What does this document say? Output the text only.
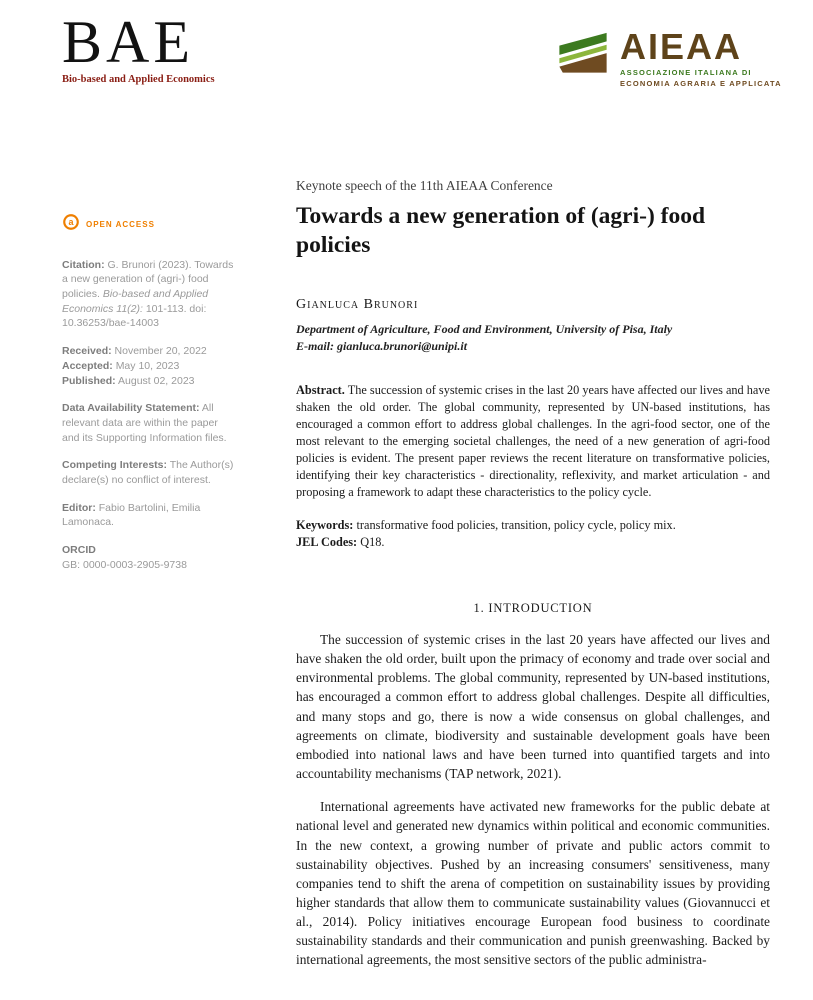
BAE
Bio-based and Applied Economics
AIEAA
ASSOCIAZIONE ITALIANA DI
ECONOMIA AGRARIA E APPLICATA
a OPEN ACCESS

Citation: G. Brunori (2023). Towards a new generation of (agri-) food policies. Bio-based and Applied Economics 11(2): 101-113. doi: 10.36253/bae-14003

Received: November 20, 2022
Accepted: May 10, 2023
Published: August 02, 2023

Data Availability Statement: All relevant data are within the paper and its Supporting Information files.

Competing Interests: The Author(s) declare(s) no conflict of interest.

Editor: Fabio Bartolini, Emilia Lamonaca.

ORCID
GB: 0000-0003-2905-9738

Keynote speech of the 11th AIEAA Conference

Towards a new generation of (agri-) food policies
Gianluca Brunori
Department of Agriculture, Food and Environment, University of Pisa, Italy
E-mail: gianluca.brunori@unipi.it

Abstract. The succession of systemic crises in the last 20 years have affected our lives and have shaken the old order. The global community, represented by UN-based institutions, has encouraged a common effort to address global challenges. In the agri-food sector, one of the most relevant to the emerging societal challenges, the need of a new generation of agri-food policies is evident. The present paper reviews the recent literature on transformative policies, identifying their key characteristics - directionality, reflexivity, and market articulation - and proposing a framework to adapt these characteristics to the policy cycle.

Keywords: transformative food policies, transition, policy cycle, policy mix.
JEL Codes: Q18.
1. INTRODUCTION

The succession of systemic crises in the last 20 years have affected our lives and have shaken the old order, built upon the primacy of economy and trade over social and environmental problems. The global community, represented by UN-based institutions, has encouraged a common effort to address global challenges. Despite all difficulties, and many stops and go, there is now a wide consensus on global challenges, and agreements on climate, biodiversity and sustainable development goals have been embodied into national laws and have been turned into quantified targets and into accountability mechanisms (TAP network, 2021).

International agreements have activated new frameworks for the public debate at national level and generated new dynamics within political and economic communities. In the new context, a growing number of private and public actors commit to sustainability objectives. Pushed by an increasing consumers' sensitiveness, many companies tend to shift the arena of competition on sustainability issues by providing higher standards that allow them to communicate sustainability values (Giovannucci et al., 2014). Policy initiatives encourage European food business to coordinate sustainability standards and their communication and punish greenwashing. Backed by international agreements, the most sensitive sectors of the public administra-
